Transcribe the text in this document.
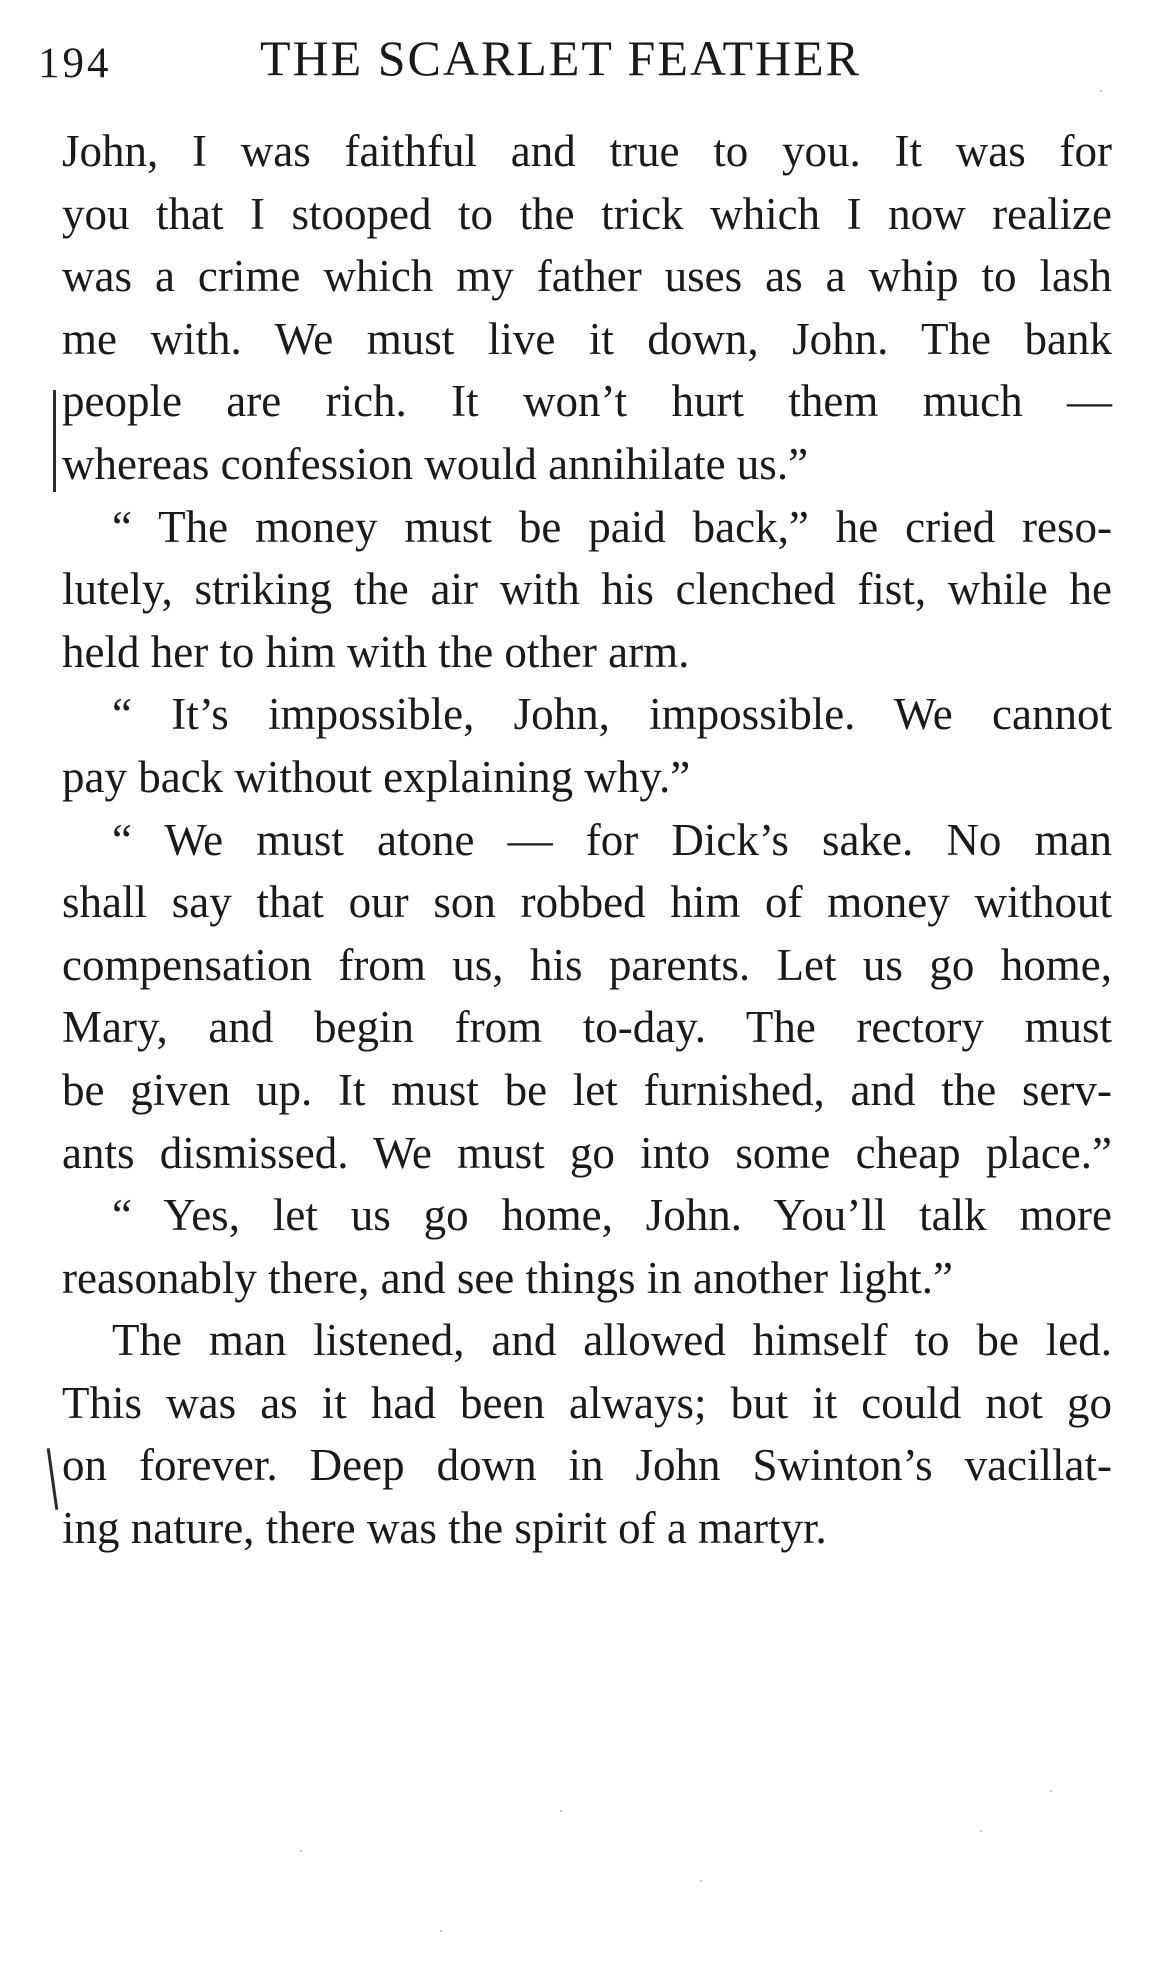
194	THE SCARLET FEATHER
John, I was faithful and true to you. It was for
you that I stooped to the trick which I now realize
was a crime which my father uses as a whip to lash
me with. We must live it down, John. The bank
people are rich. It won’t hurt them much —
whereas confession would annihilate us.”
“ The money must be paid back,” he cried reso-
lutely, striking the air with his clenched fist, while he
held her to him with the other arm.
“ It’s impossible, John, impossible. We cannot
pay back without explaining why.”
“ We must atone — for Dick’s sake. No man
shall say that our son robbed him of money without
compensation from us, his parents. Let us go home,
Mary, and begin from to-day. The rectory must
be given up. It must be let furnished, and the serv-
ants dismissed. We must go into some cheap place.”
“ Yes, let us go home, John. You’ll talk more
reasonably there, and see things in another light.”
The man listened, and allowed himself to be led.
This was as it had been always; but it could not go
on forever. Deep down in John Swinton’s vacillat-
ing nature, there was the spirit of a martyr.
